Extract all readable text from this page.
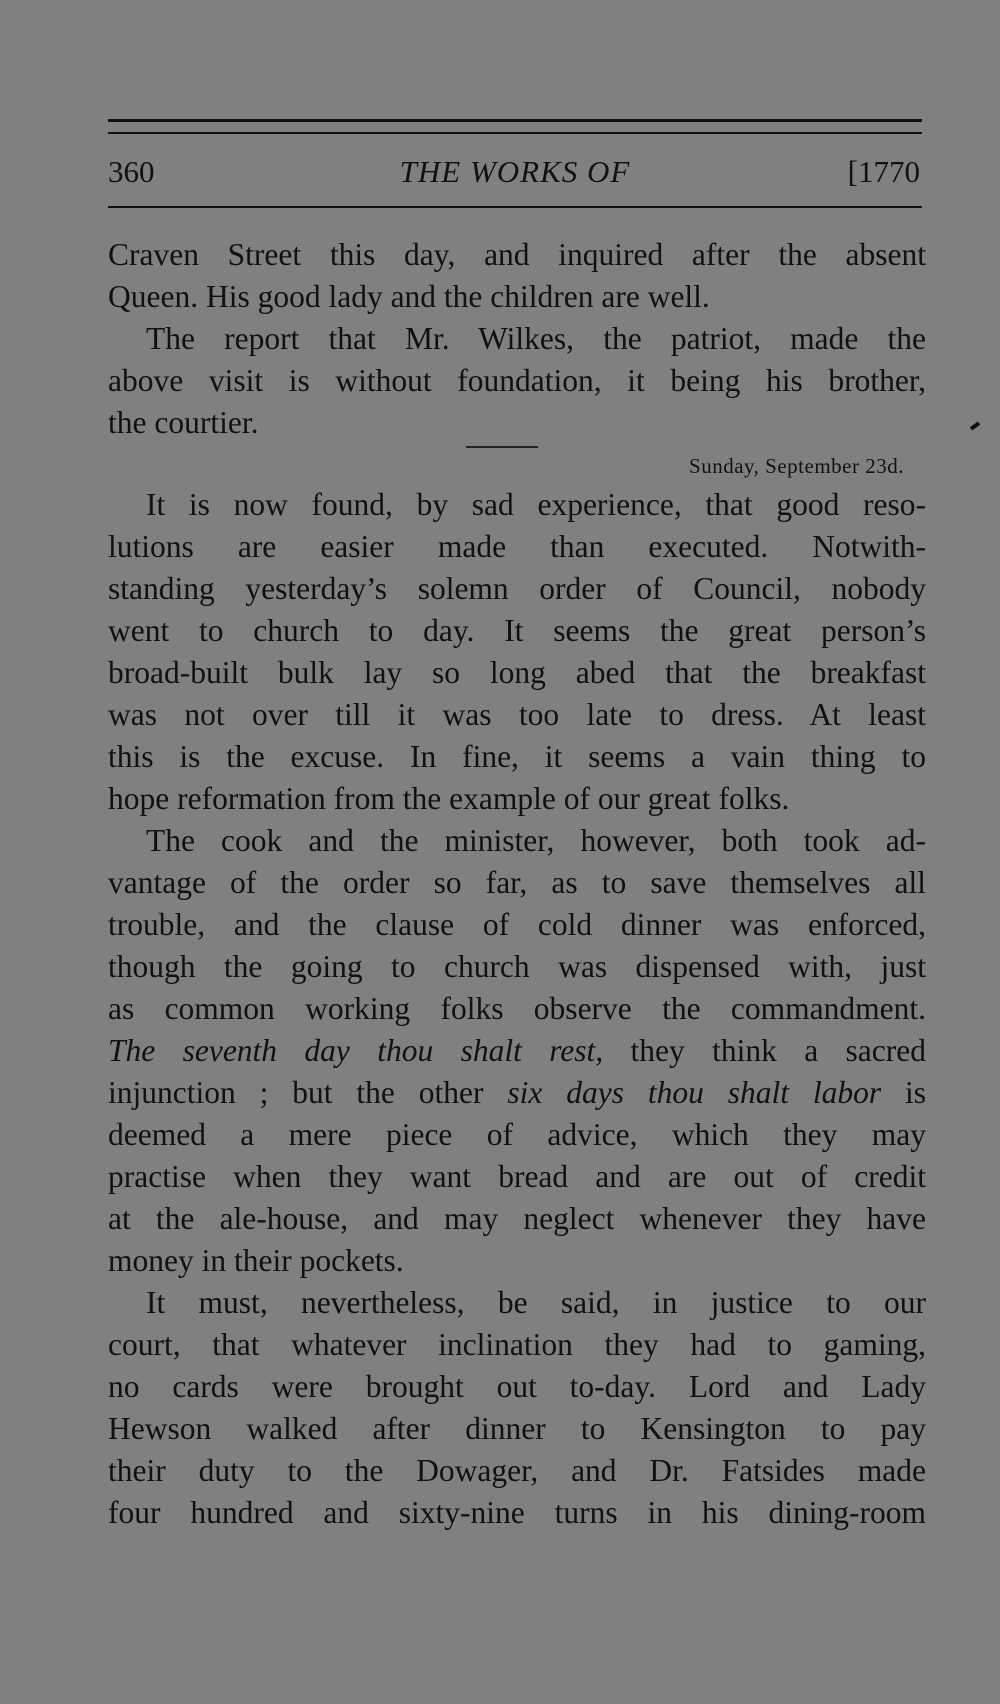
360	THE WORKS OF	[1770
Craven Street this day, and inquired after the absent
Queen. His good lady and the children are well.
The report that Mr. Wilkes, the patriot, made the
above visit is without foundation, it being his brother,
the courtier.
Sunday, September 23d.
It is now found, by sad experience, that good reso-
lutions are easier made than executed. Notwith-
standing yesterday’s solemn order of Council, nobody
went to church to day. It seems the great person’s
broad-built bulk lay so long abed that the breakfast
was not over till it was too late to dress. At least
this is the excuse. In fine, it seems a vain thing to
hope reformation from the example of our great folks.
The cook and the minister, however, both took ad-
vantage of the order so far, as to save themselves all
trouble, and the clause of cold dinner was enforced,
though the going to church was dispensed with, just
as common working folks observe the commandment.
The seventh day thou shalt rest, they think a sacred
injunction ; but the other six days thou shalt labor is
deemed a mere piece of advice, which they may
practise when they want bread and are out of credit
at the ale-house, and may neglect whenever they have
money in their pockets.
It must, nevertheless, be said, in justice to our
court, that whatever inclination they had to gaming,
no cards were brought out to-day. Lord and Lady
Hewson walked after dinner to Kensington to pay
their duty to the Dowager, and Dr. Fatsides made
four hundred and sixty-nine turns in his dining-room
